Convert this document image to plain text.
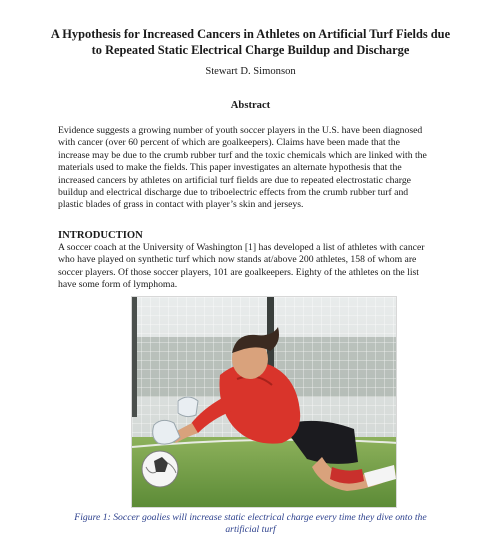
A Hypothesis for Increased Cancers in Athletes on Artificial Turf Fields due
to Repeated Static Electrical Charge Buildup and Discharge
Stewart D. Simonson
Abstract
Evidence suggests a growing number of youth soccer players in the U.S. have been diagnosed
with cancer (over 60 percent of which are goalkeepers). Claims have been made that the
increase may be due to the crumb rubber turf and the toxic chemicals which are linked with the
materials used to make the fields. This paper investigates an alternate hypothesis that the
increased cancers by athletes on artificial turf fields are due to repeated electrostatic charge
buildup and electrical discharge due to triboelectric effects from the crumb rubber turf and
plastic blades of grass in contact with player’s skin and jerseys.
INTRODUCTION
A soccer coach at the University of Washington [1] has developed a list of athletes with cancer
who have played on synthetic turf which now stands at/above 200 athletes, 158 of whom are
soccer players. Of those soccer players, 101 are goalkeepers. Eighty of the athletes on the list
have some form of lymphoma.
Figure 1: Soccer goalies will increase static electrical charge every time they dive onto the
artificial turf
